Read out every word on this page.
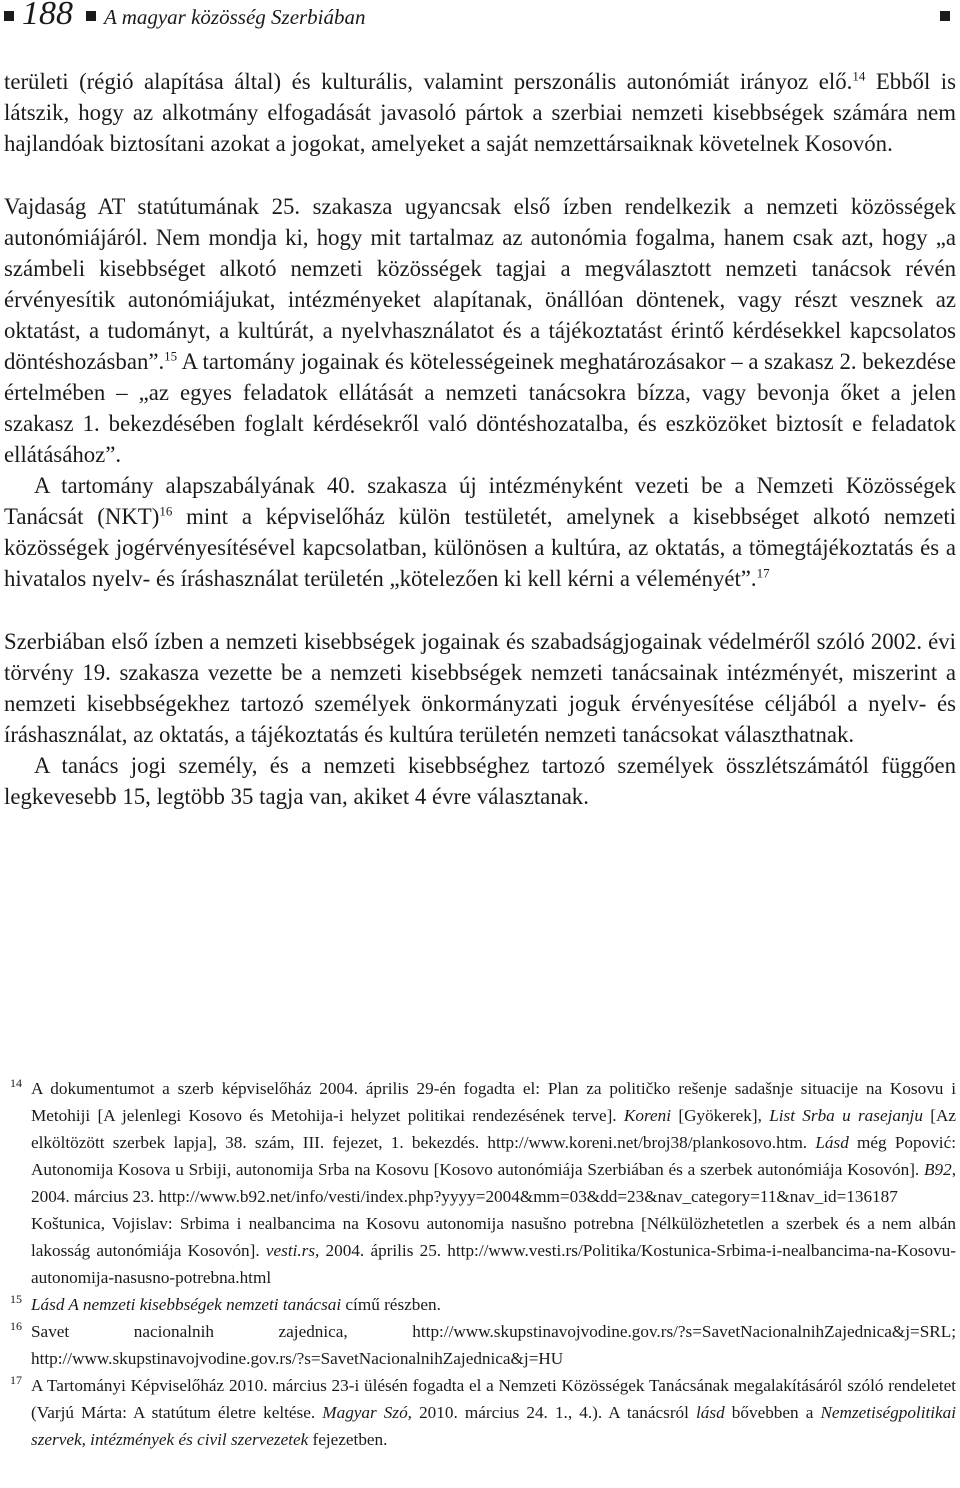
188 A magyar közösség Szerbiában

területi (régió alapítása által) és kulturális, valamint perszonális autonómiát irányoz elő.$^{14}$ Ebből is látszik, hogy az alkotmány elfogadását javasoló pártok a szerbiai nemzeti kisebbségek számára nem hajlandóak biztosítani azokat a jogokat, amelyeket a saját nemzettársaiknak követelnek Kosovón.

Vajdaság AT statútumának 25. szakasza ugyancsak első ízben rendelkezik a nemzeti közösségek autonómiájáról. Nem mondja ki, hogy mit tartalmaz az autonómia fogalma, hanem csak azt, hogy „a számbeli kisebbséget alkotó nemzeti közösségek tagjai a megválasztott nemzeti tanácsok révén érvényesítik autonómiájukat, intézményeket alapítanak, önállóan döntenek, vagy részt vesznek az oktatást, a tudományt, a kultúrát, a nyelvhasználatot és a tájékoztatást érintő kérdésekkel kapcsolatos döntéshozásban”.$^{15}$ A tartomány jogainak és kötelességeinek meghatározásakor – a szakasz 2. bekezdése értelmében – „az egyes feladatok ellátását a nemzeti tanácsokra bízza, vagy bevonja őket a jelen szakasz 1. bekezdésében foglalt kérdésekről való döntéshozatalba, és eszközöket biztosít e feladatok ellátásához”.

A tartomány alapszabályának 40. szakasza új intézményként vezeti be a Nemzeti Közösségek Tanácsát (NKT)$^{16}$ mint a képviselőház külön testületét, amelynek a kisebbséget alkotó nemzeti közösségek jogérvényesítésével kapcsolatban, különösen a kultúra, az oktatás, a tömegtájékoztatás és a hivatalos nyelv- és íráshasználat területén „kötelezően ki kell kérni a véleményét”.$^{17}$

Szerbiában első ízben a nemzeti kisebbségek jogainak és szabadságjogainak védelméről szóló 2002. évi törvény 19. szakasza vezette be a nemzeti kisebbségek nemzeti tanácsainak intézményét, miszerint a nemzeti kisebbségekhez tartozó személyek önkormányzati joguk érvényesítése céljából a nyelv- és íráshasználat, az oktatás, a tájékoztatás és kultúra területén nemzeti tanácsokat választhatnak.

A tanács jogi személy, és a nemzeti kisebbséghez tartozó személyek összlétszámától függően legkevesebb 15, legtöbb 35 tagja van, akiket 4 évre választanak.

14 A dokumentumot a szerb képviselőház 2004. április 29-én fogadta el: Plan za političko rešenje sadašnje situacije na Kosovu i Metohiji [A jelenlegi Kosovo és Metohija-i helyzet politikai rendezésének terve]. Koreni [Gyökerek], List Srba u rasejanju [Az elköltözött szerbek lapja], 38. szám, III. fejezet, 1. bekezdés. http://www.koreni.net/broj38/plankosovo.htm. Lásd még Popović: Autonomija Kosova u Srbiji, autonomija Srba na Kosovu [Kosovo autonómiája Szerbiában és a szerbek autonómiája Kosovón]. B92, 2004. március 23. http://www.b92.net/info/vesti/index.php?yyyy=2004&mm=03&dd=23&nav_category=11&nav_id=136187
Koštunica, Vojislav: Srbima i nealbancima na Kosovu autonomija nasušno potrebna [Nélkülözhetetlen a szerbek és a nem albán lakosság autonómiája Kosovón]. vesti.rs, 2004. április 25. http://www.vesti.rs/Politika/Kostunica-Srbima-i-nealbancima-na-Kosovu-autonomija-nasusno-potrebna.html
15 Lásd A nemzeti kisebbségek nemzeti tanácsai című részben.
16 Savet nacionalnih zajednica, http://www.skupstinavojvodine.gov.rs/?s=SavetNacionalnihZajednica&j=SRL; http://www.skupstinavojvodine.gov.rs/?s=SavetNacionalnihZajednica&j=HU
17 A Tartományi Képviselőház 2010. március 23-i ülésén fogadta el a Nemzeti Közösségek Tanácsának megalakításáról szóló rendeletet (Varjú Márta: A statútum életre keltése. Magyar Szó, 2010. március 24. 1., 4.). A tanácsról lásd bővebben a Nemzetiségpolitikai szervek, intézmények és civil szervezetek fejezetben.
